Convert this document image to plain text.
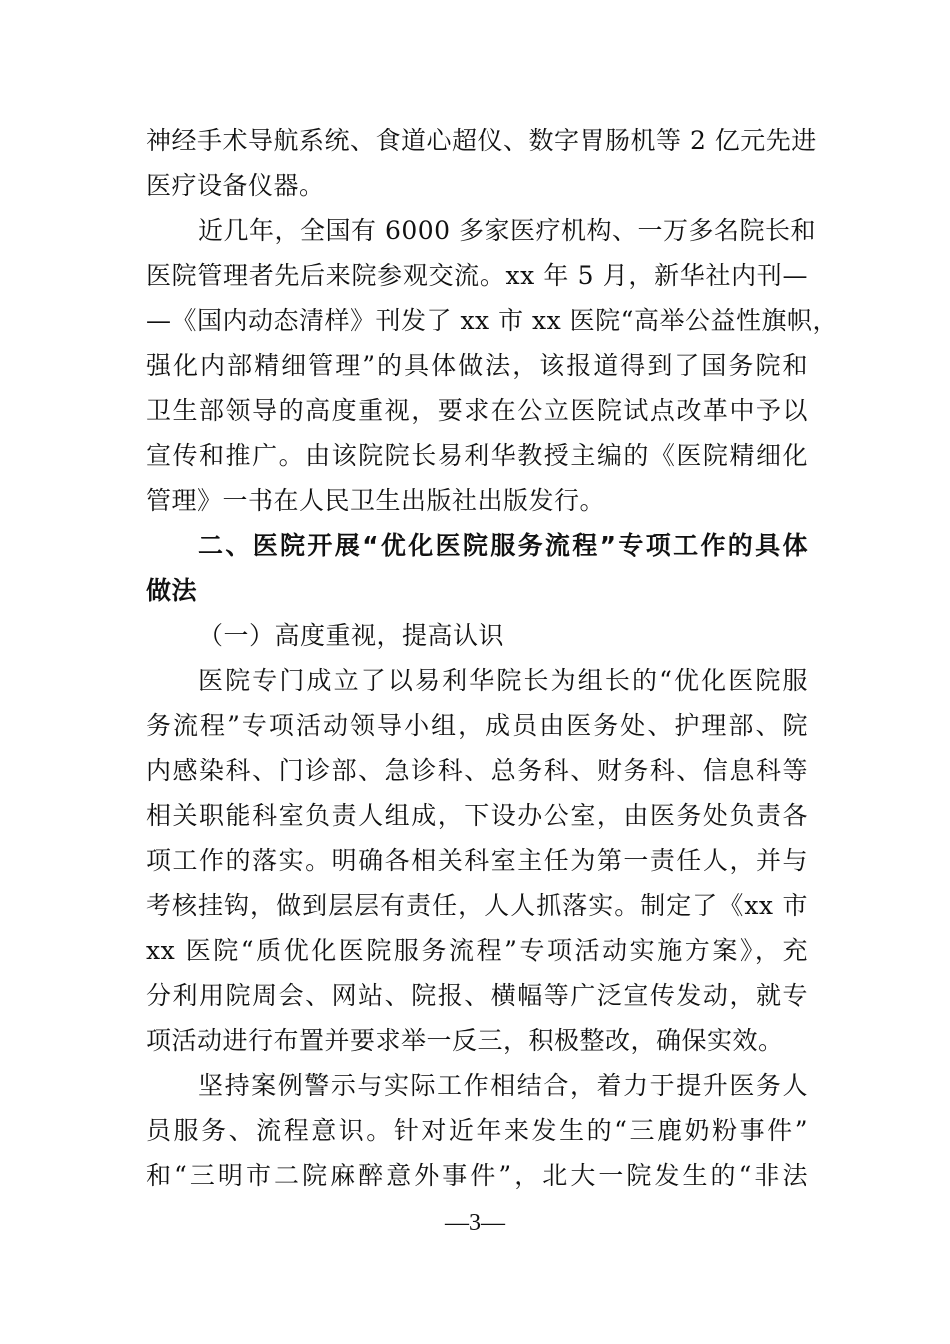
神经手术导航系统、食道心超仪、数字胃肠机等 2 亿元先进
医疗设备仪器。
近几年，全国有 6000 多家医疗机构、一万多名院长和
医院管理者先后来院参观交流。xx 年 5 月，新华社内刊—
—《国内动态清样》刊发了 xx 市 xx 医院“高举公益性旗帜，
强化内部精细管理”的具体做法，该报道得到了国务院和
卫生部领导的高度重视，要求在公立医院试点改革中予以
宣传和推广。由该院院长易利华教授主编的《医院精细化
管理》一书在人民卫生出版社出版发行。
二、医院开展“优化医院服务流程”专项工作的具体
做法
（一）高度重视，提高认识
医院专门成立了以易利华院长为组长的“优化医院服
务流程”专项活动领导小组，成员由医务处、护理部、院
内感染科、门诊部、急诊科、总务科、财务科、信息科等
相关职能科室负责人组成，下设办公室，由医务处负责各
项工作的落实。明确各相关科室主任为第一责任人，并与
考核挂钩，做到层层有责任，人人抓落实。制定了《xx 市
xx 医院“质优化医院服务流程”专项活动实施方案》，充
分利用院周会、网站、院报、横幅等广泛宣传发动，就专
项活动进行布置并要求举一反三，积极整改，确保实效。
坚持案例警示与实际工作相结合，着力于提升医务人
员服务、流程意识。针对近年来发生的“三鹿奶粉事件”
和“三明市二院麻醉意外事件”，北大一院发生的“非法
—3—
